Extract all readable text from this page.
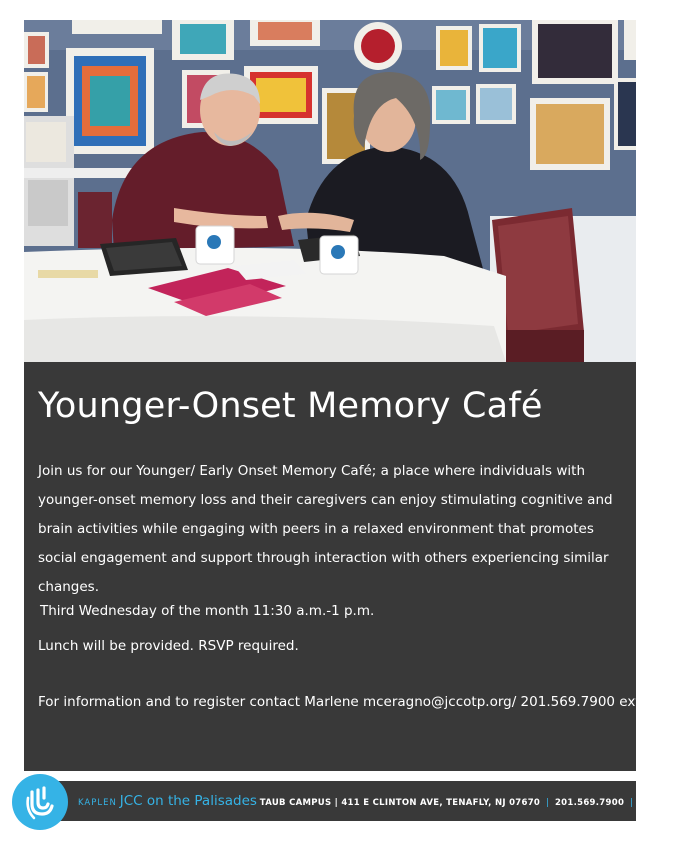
Younger-Onset Memory Café

Join us for our Younger/ Early Onset Memory Café; a place where individuals with younger-onset memory loss and their caregivers can enjoy stimulating cognitive and brain activities while engaging with peers in a relaxed environment that promotes social engagement and support through interaction with others experiencing similar changes.

Third Wednesday of the month 11:30 a.m.-1 p.m.

Lunch will be provided. RSVP required.

For information and to register contact Marlene mceragno@jccotp.org/ 201.569.7900 ext. 439

KAPLEN JCC on the Palisades TAUB CAMPUS | 411 E CLINTON AVE, TENAFLY, NJ 07670 | 201.569.7900 | jccotp.org
